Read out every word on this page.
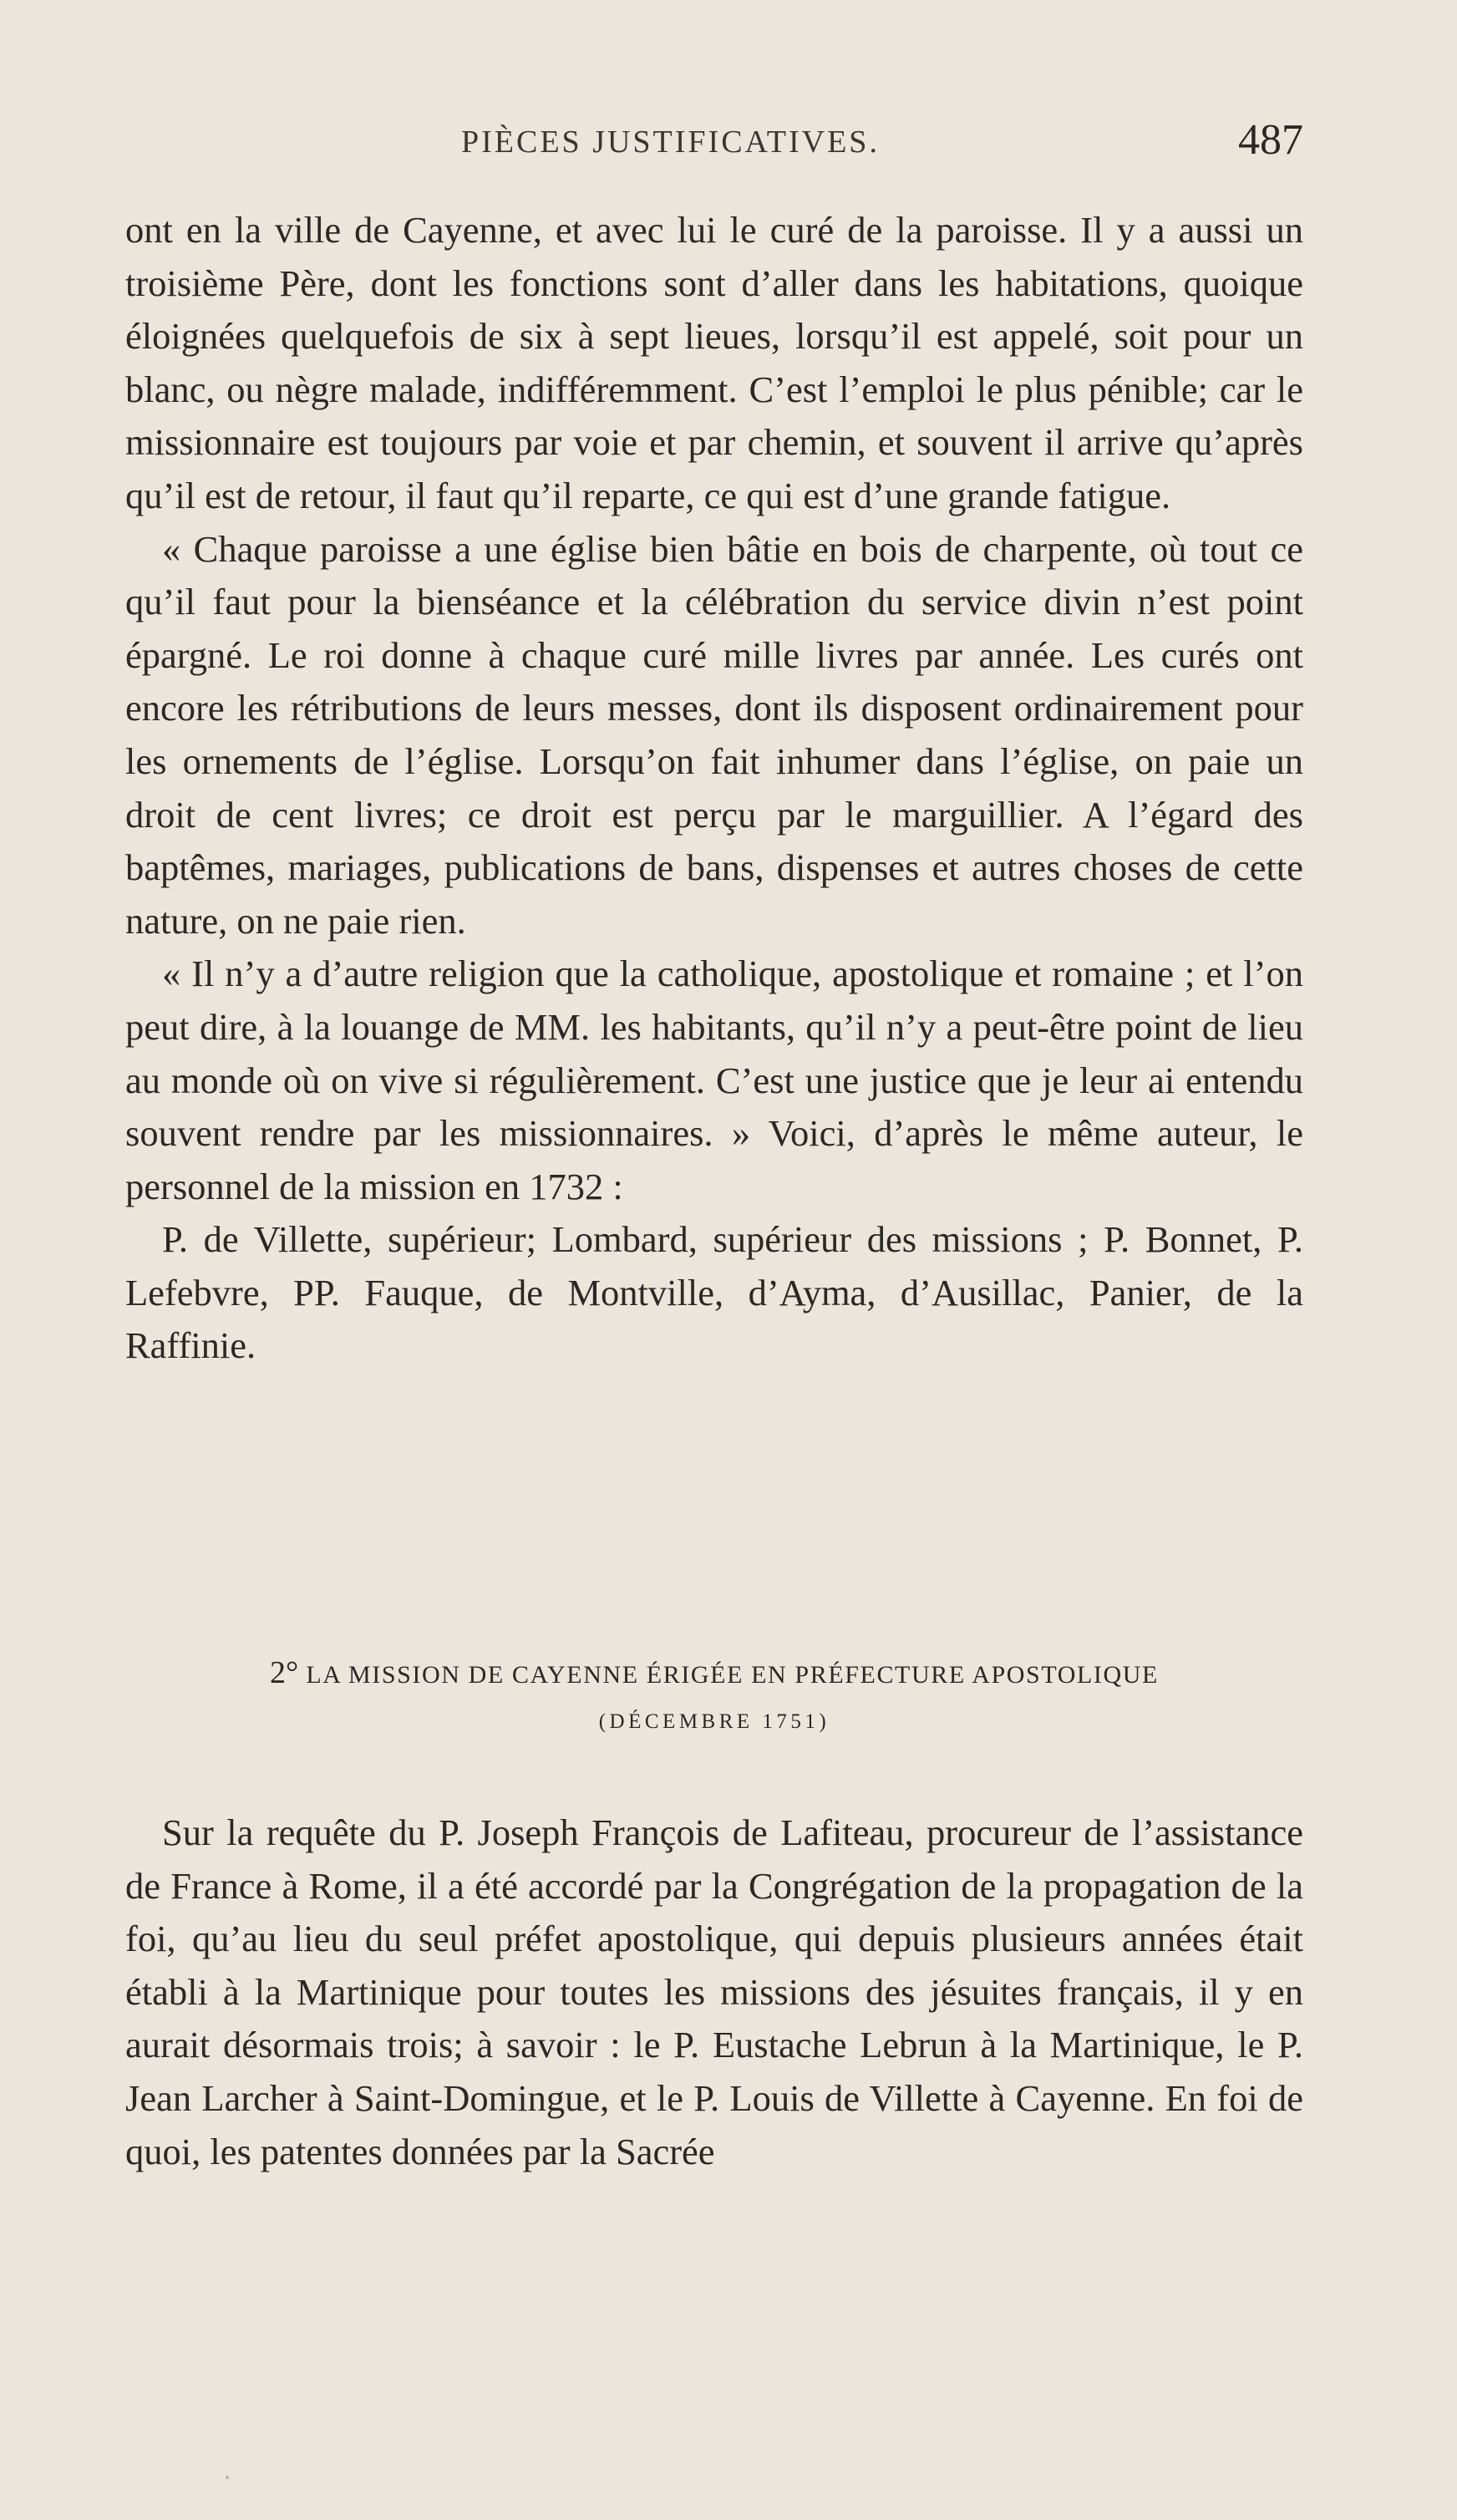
PIÈCES JUSTIFICATIVES.	487

ont en la ville de Cayenne, et avec lui le curé de la paroisse. Il y a aussi un troisième Père, dont les fonctions sont d’aller dans les habitations, quoique éloignées quelquefois de six à sept lieues, lorsqu’il est appelé, soit pour un blanc, ou nègre malade, indifféremment. C’est l’emploi le plus pénible; car le missionnaire est toujours par voie et par chemin, et souvent il arrive qu’après qu’il est de retour, il faut qu’il reparte, ce qui est d’une grande fatigue.

« Chaque paroisse a une église bien bâtie en bois de charpente, où tout ce qu’il faut pour la bienséance et la célébration du service divin n’est point épargné. Le roi donne à chaque curé mille livres par année. Les curés ont encore les rétributions de leurs messes, dont ils disposent ordinairement pour les ornements de l’église. Lorsqu’on fait inhumer dans l’église, on paie un droit de cent livres; ce droit est perçu par le marguillier. A l’égard des baptêmes, mariages, publications de bans, dispenses et autres choses de cette nature, on ne paie rien.

« Il n’y a d’autre religion que la catholique, apostolique et romaine ; et l’on peut dire, à la louange de MM. les habitants, qu’il n’y a peut-être point de lieu au monde où on vive si régulièrement. C’est une justice que je leur ai entendu souvent rendre par les missionnaires. » Voici, d’après le même auteur, le personnel de la mission en 1732 :

P. de Villette, supérieur; Lombard, supérieur des missions ; P. Bonnet, P. Lefebvre, PP. Fauque, de Montville, d’Ayma, d’Ausillac, Panier, de la Raffinie.

2° LA MISSION DE CAYENNE ÉRIGÉE EN PRÉFECTURE APOSTOLIQUE

(DÉCEMBRE 1751)

Sur la requête du P. Joseph François de Lafiteau, procureur de l’assistance de France à Rome, il a été accordé par la Congrégation de la propagation de la foi, qu’au lieu du seul préfet apostolique, qui depuis plusieurs années était établi à la Martinique pour toutes les missions des jésuites français, il y en aurait désormais trois; à savoir : le P. Eustache Lebrun à la Martinique, le P. Jean Larcher à Saint-Domingue, et le P. Louis de Villette à Cayenne. En foi de quoi, les patentes données par la Sacrée
